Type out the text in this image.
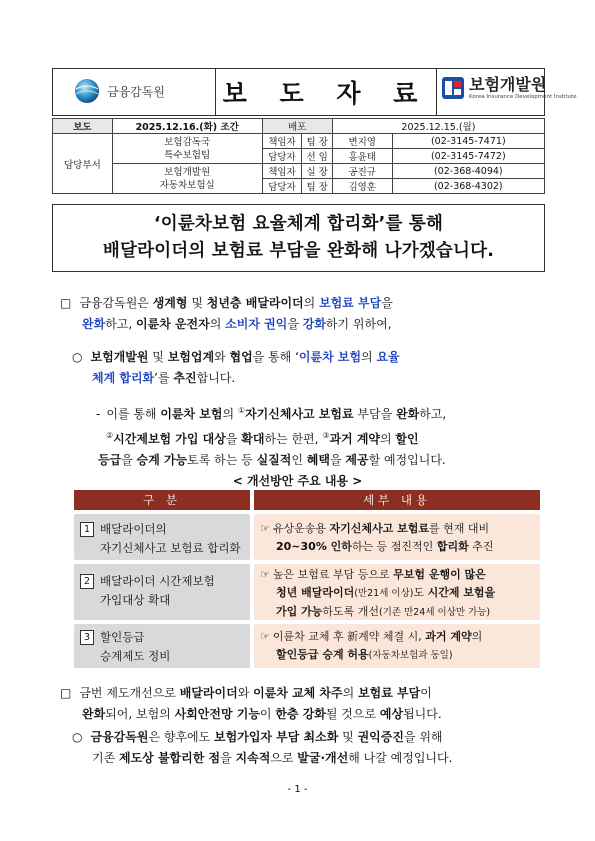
금융감독원 보 도 자 료	보험개발원
Korea Insurance Development Institute
보도	2025.12.16.(화) 조간	배포		2025.12.15.(월)	
담당부서	보험감독국
특수보험팀	책임자	팀 장	변지영	(02-3145-7471)
		담당자	선 임	홍윤태	(02-3145-7472)

	보험개발원
자동차보험실	책임자	실 장	공진규	(02-368-4094)
		담당자	팀 장	김영훈	(02-368-4302)
‘이륜차보험 요율체계 합리화’를 통해
배달라이더의 보험료 부담을 완화해 나가겠습니다.
□ 금융감독원은 생계형 및 청년층 배달라이더의 보험료 부담을
완화하고, 이륜차 운전자의 소비자 권익을 강화하기 위하여,
○ 보험개발원 및 보험업계와 협업을 통해 ‘이륜차 보험의 요율
체계 합리화’를 추진합니다.
- 이를 통해 이륜차 보험의 ①자기신체사고 보험료 부담을 완화하고,
②시간제보험 가입 대상을 확대하는 한편, ③과거 계약의 할인
등급을 승계 가능토록 하는 등 실질적인 혜택을 제공할 예정입니다.
< 개선방안 주요 내용 >
구 분	세부 내용
1 배달라이더의
자기신체사고 보험료 합리화
☞ 유상운송용 자기신체사고 보험료를 현재 대비
20~30% 인하하는 등 점진적인 합리화 추진
2 배달라이더 시간제보험
가입대상 확대
☞ 높은 보험료 부담 등으로 무보험 운행이 많은
청년 배달라이더(만21세 이상)도 시간제 보험을
가입 가능하도록 개선(기존 만24세 이상만 가능)
3 할인등급
승계제도 정비
☞ 이륜차 교체 후 新계약 체결 시, 과거 계약의
할인등급 승계 허용(자동차보험과 동일)
□ 금번 제도개선으로 배달라이더와 이륜차 교체 차주의 보험료 부담이
완화되어, 보험의 사회안전망 기능이 한층 강화될 것으로 예상됩니다.
○ 금융감독원은 향후에도 보험가입자 부담 최소화 및 권익증진을 위해
기존 제도상 불합리한 점을 지속적으로 발굴·개선해 나갈 예정입니다.
- 1 -
